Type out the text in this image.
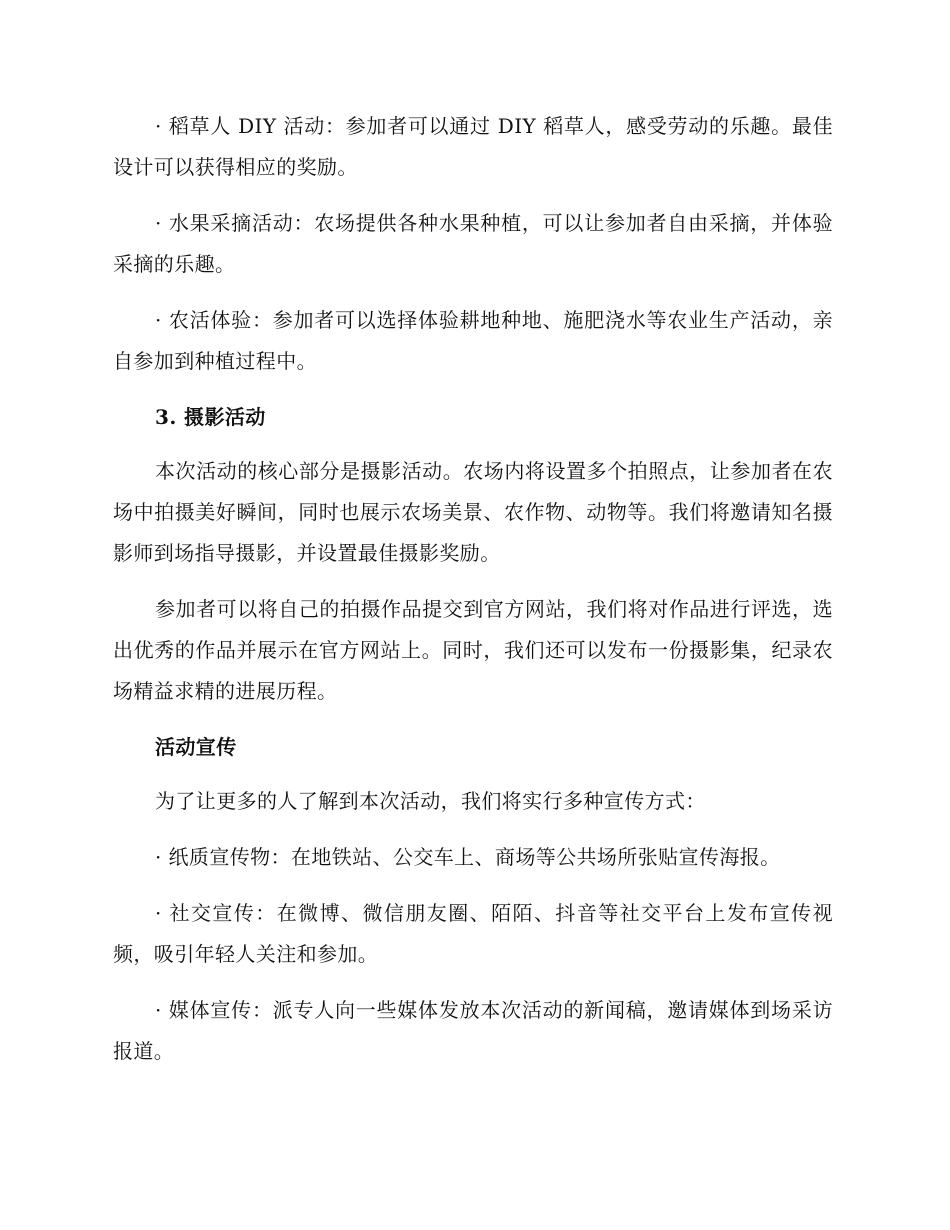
· 稻草人 DIY 活动：参加者可以通过 DIY 稻草人，感受劳动的乐趣。最佳设计可以获得相应的奖励。

· 水果采摘活动：农场提供各种水果种植，可以让参加者自由采摘，并体验采摘的乐趣。

· 农活体验：参加者可以选择体验耕地种地、施肥浇水等农业生产活动，亲自参加到种植过程中。

3. 摄影活动

本次活动的核心部分是摄影活动。农场内将设置多个拍照点，让参加者在农场中拍摄美好瞬间，同时也展示农场美景、农作物、动物等。我们将邀请知名摄影师到场指导摄影，并设置最佳摄影奖励。

参加者可以将自己的拍摄作品提交到官方网站，我们将对作品进行评选，选出优秀的作品并展示在官方网站上。同时，我们还可以发布一份摄影集，纪录农场精益求精的进展历程。

活动宣传

为了让更多的人了解到本次活动，我们将实行多种宣传方式：

· 纸质宣传物：在地铁站、公交车上、商场等公共场所张贴宣传海报。

· 社交宣传：在微博、微信朋友圈、陌陌、抖音等社交平台上发布宣传视频，吸引年轻人关注和参加。

· 媒体宣传：派专人向一些媒体发放本次活动的新闻稿，邀请媒体到场采访报道。
